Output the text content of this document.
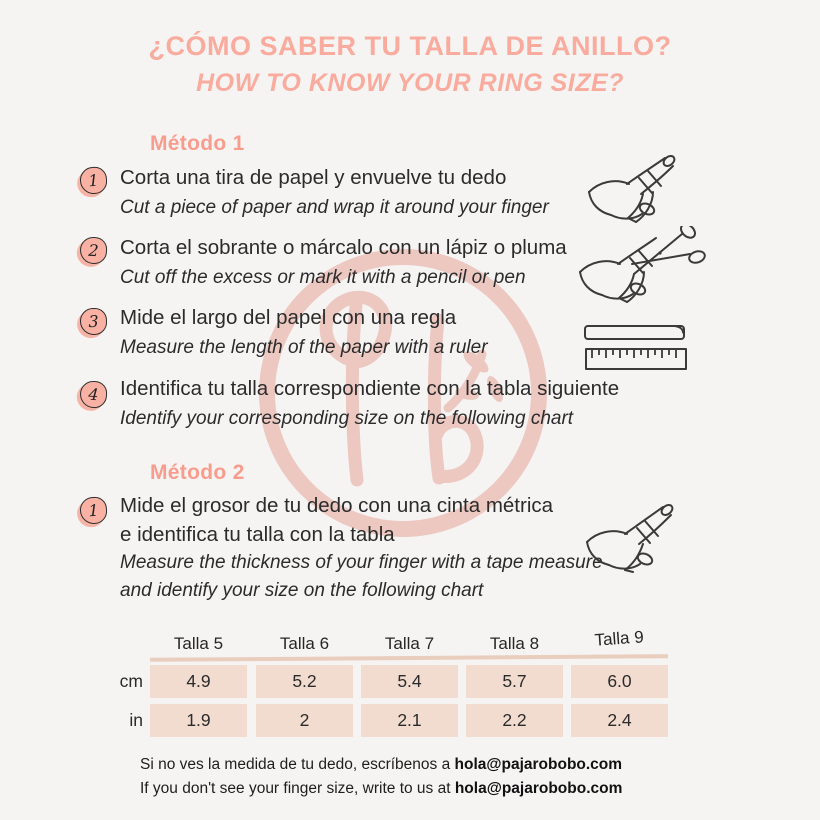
¿CÓMO SABER TU TALLA DE ANILLO?
HOW TO KNOW YOUR RING SIZE?
Método 1
1 Corta una tira de papel y envuelve tu dedo
Cut a piece of paper and wrap it around your finger
2 Corta el sobrante o márcalo con un lápiz o pluma
Cut off the excess or mark it with a pencil or pen
3 Mide el largo del papel con una regla
Measure the length of the paper with a ruler
4 Identifica tu talla correspondiente con la tabla siguiente
Identify your corresponding size on the following chart
Método 2
1 Mide el grosor de tu dedo con una cinta métrica
e identifica tu talla con la tabla
Measure the thickness of your finger with a tape measure
and identify your size on the following chart
Talla 5	Talla 6	Talla 7	Talla 8	Talla 9
cm	4.9	5.2	5.4	5.7	6.0
in	1.9	2	2.1	2.2	2.4
Si no ves la medida de tu dedo, escríbenos a hola@pajarobobo.com
If you don't see your finger size, write to us at hola@pajarobobo.com
